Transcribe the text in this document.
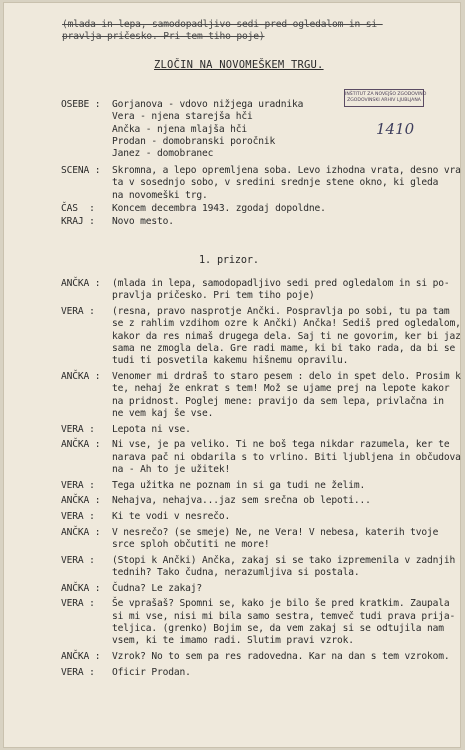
(mlada in lepa, samodopadljivo sedi pred ogledalom in si
pravlja pričesko. Pri tem tiho poje)
ZLOČIN NA NOVOMEŠKEM TRGU.
INŠTITUT ZA NOVEJŠO ZGODOVINO
ZGODOVINSKI ARHIV LJUBLJANA
1410
OSEBE : Gorjanova - vdovo nižjega uradnika
Vera - njena starejša hči
Ančka - njena mlajša hči
Prodan - domobranski poročnik
Janez - domobranec
SCENA : Skromna, a lepo opremljena soba. Levo izhodna vrata, desno vra
ta v sosednjo sobo, v sredini srednje stene okno, ki gleda
na novomeški trg.
ČAS  : Koncem decembra 1943. zgodaj dopoldne.
KRAJ : Novo mesto.
1. prizor.
ANČKA : (mlada in lepa, samodopadljivo sedi pred ogledalom in si po-
pravlja pričesko. Pri tem tiho poje)
VERA : (resna, pravo nasprotje Ančki. Pospravlja po sobi, tu pa tam
se z rahlim vzdihom ozre k Ančki) Ančka! Sediš pred ogledalom,
kakor da res nimaš drugega dela. Saj ti ne govorim, ker bi jaz
sama ne zmogla dela. Gre radi mame, ki bi tako rada, da bi se
tudi ti posvetila kakemu hišnemu opravilu.
ANČKA : Venomer mi drdraš to staro pesem : delo in spet delo. Prosim k
te, nehaj že enkrat s tem! Mož se ujame prej na lepote kakor
na pridnost. Poglej mene: pravijo da sem lepa, privlačna in
ne vem kaj še vse.
VERA : Lepota ni vse.
ANČKA : Ni vse, je pa veliko. Ti ne boš tega nikdar razumela, ker te
narava pač ni obdarila s to vrlino. Biti ljubljena in občudova
na - Ah to je užitek!
VERA : Tega užitka ne poznam in si ga tudi ne želim.
ANČKA : Nehajva, nehajva...jaz sem srečna ob lepoti...
VERA : Ki te vodi v nesrečo.
ANČKA : V nesrečo? (se smeje) Ne, ne Vera! V nebesa, katerih tvoje
srce sploh občutiti ne more!
VERA : (Stopi k Ančki) Ančka, zakaj si se tako izpremenila v zadnjih
tednih? Tako čudna, nerazumljiva si postala.
ANČKA : Čudna? Le zakaj?
VERA : Še vprašaš? Spomni se, kako je bilo še pred kratkim. Zaupala
si mi vse, nisi mi bila samo sestra, temveč tudi prava prija-
teljica. (grenko) Bojim se, da vem zakaj si se odtujila nam
vsem, ki te imamo radi. Slutim pravi vzrok.
ANČKA : Vzrok? No to sem pa res radovedna. Kar na dan s tem vzrokom.
VERA : Oficir Prodan.
